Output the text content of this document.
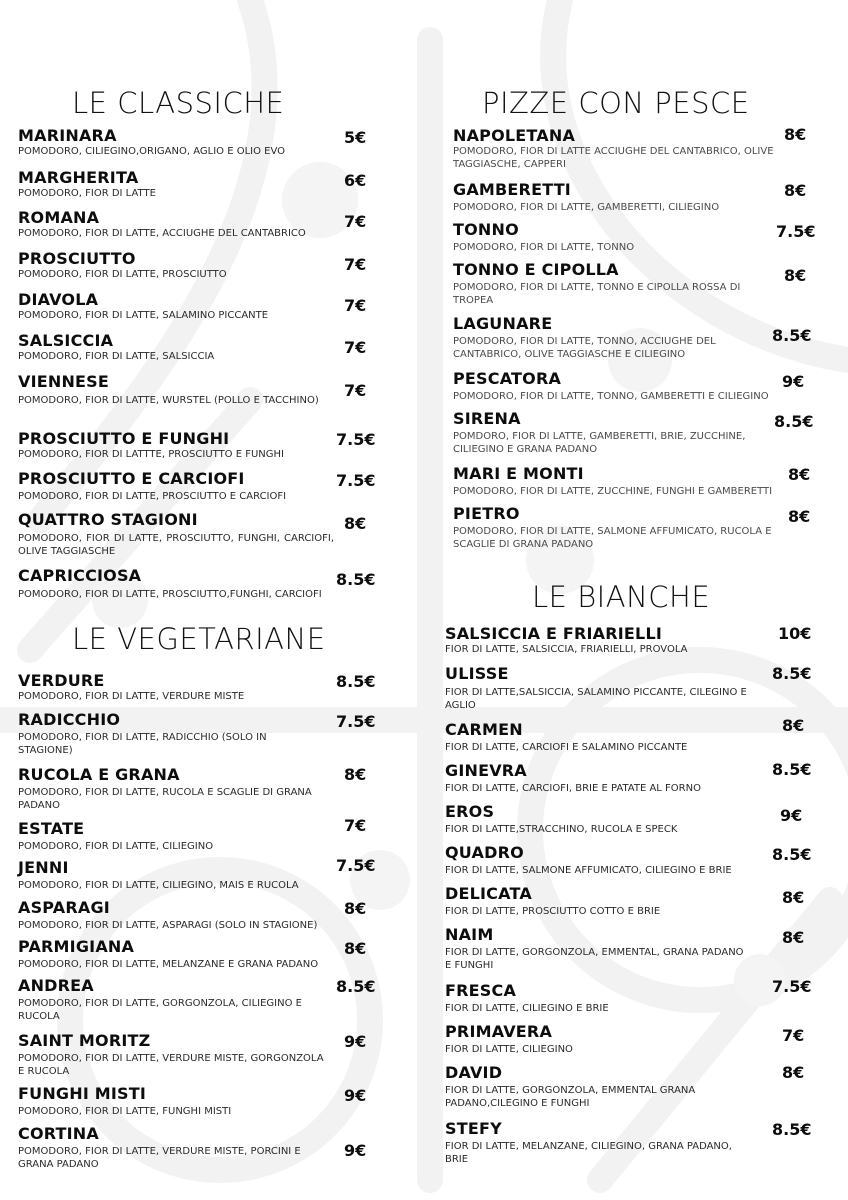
LE CLASSICHE
LE VEGETARIANE
PIZZE CON PESCE
LE BIANCHE
MARINARA
POMODORO, CILIEGINO,ORIGANO, AGLIO E OLIO EVO
5€
MARGHERITA
POMODORO, FIOR DI LATTE
6€
ROMANA
POMODORO, FIOR DI LATTE, ACCIUGHE DEL CANTABRICO
7€
PROSCIUTTO
POMODORO, FIOR DI LATTE, PROSCIUTTO
7€
DIAVOLA
POMODORO, FIOR DI LATTE, SALAMINO PICCANTE
7€
SALSICCIA
POMODORO, FIOR DI LATTE, SALSICCIA	7€
VIENNESE
POMODORO, FIOR DI LATTE, WURSTEL (POLLO E TACCHINO)
7€
PROSCIUTTO E FUNGHI
POMODORO, FIOR DI LATTTE, PROSCIUTTO E FUNGHI
7.5€
PROSCIUTTO E CARCIOFI
POMODORO, FIOR DI LATTE, PROSCIUTTO E CARCIOFI
7.5€
QUATTRO STAGIONI
POMODORO, FIOR DI LATTE, PROSCIUTTO, FUNGHI, CARCIOFI, OLIVE TAGGIASCHE
8€
CAPRICCIOSA
POMODORO, FIOR DI LATTE, PROSCIUTTO,FUNGHI, CARCIOFI
8.5€
VERDURE
POMODORO, FIOR DI LATTE, VERDURE MISTE
8.5€
RADICCHIO
POMODORO, FIOR DI LATTE, RADICCHIO (SOLO IN STAGIONE)
7.5€
RUCOLA E GRANA
POMODORO, FIOR DI LATTE, RUCOLA E SCAGLIE DI GRANA PADANO
8€
ESTATE
POMODORO, FIOR DI LATTE, CILIEGINO
7€
JENNI
POMODORO, FIOR DI LATTE, CILIEGINO, MAIS E RUCOLA
7.5€
ASPARAGI
POMODORO, FIOR DI LATTE, ASPARAGI (SOLO IN STAGIONE)
8€
PARMIGIANA
POMODORO, FIOR DI LATTE, MELANZANE E GRANA PADANO
8€
ANDREA
POMODORO, FIOR DI LATTE, GORGONZOLA, CILIEGINO E RUCOLA
8.5€
SAINT MORITZ
POMODORO, FIOR DI LATTE, VERDURE MISTE, GORGONZOLA E RUCOLA
9€
FUNGHI MISTI
POMODORO, FIOR DI LATTE, FUNGHI MISTI
9€
CORTINA
POMODORO, FIOR DI LATTE, VERDURE MISTE, PORCINI E GRANA PADANO
9€
NAPOLETANA
POMODORO, FIOR DI LATTE ACCIUGHE DEL CANTABRICO, OLIVE TAGGIASCHE, CAPPERI
8€
GAMBERETTI
POMODORO, FIOR DI LATTE, GAMBERETTI, CILIEGINO
8€
TONNO
POMODORO, FIOR DI LATTE, TONNO
7.5€
TONNO E CIPOLLA
POMODORO, FIOR DI LATTE, TONNO E CIPOLLA ROSSA DI TROPEA
8€
LAGUNARE
POMODORO, FIOR DI LATTE, TONNO, ACCIUGHE DEL CANTABRICO, OLIVE TAGGIASCHE E CILIEGINO
8.5€
PESCATORA
POMODORO, FIOR DI LATTE, TONNO, GAMBERETTI E CILIEGINO
9€
SIRENA
POMDORO, FIOR DI LATTE, GAMBERETTI, BRIE, ZUCCHINE, CILIEGINO E GRANA PADANO
8.5€
MARI E MONTI
POMODORO, FIOR DI LATTE, ZUCCHINE, FUNGHI E GAMBERETTI
8€
PIETRO
POMODORO, FIOR DI LATTE, SALMONE AFFUMICATO, RUCOLA E SCAGLIE DI GRANA PADANO
8€
SALSICCIA E FRIARIELLI
FIOR DI LATTE, SALSICCIA, FRIARIELLI, PROVOLA
10€
ULISSE
FIOR DI LATTE,SALSICCIA, SALAMINO PICCANTE, CILEGINO E AGLIO
8.5€
CARMEN
FIOR DI LATTE, CARCIOFI E SALAMINO PICCANTE
8€
GINEVRA
FIOR DI LATTE, CARCIOFI, BRIE E PATATE AL FORNO
8.5€
EROS
FIOR DI LATTE,STRACCHINO, RUCOLA E SPECK
9€
QUADRO
FIOR DI LATTE, SALMONE AFFUMICATO, CILIEGINO E BRIE
8.5€
DELICATA
FIOR DI LATTE, PROSCIUTTO COTTO E BRIE
8€
NAIM
FIOR DI LATTE, GORGONZOLA, EMMENTAL, GRANA PADANO E FUNGHI
8€
FRESCA
FIOR DI LATTE, CILIEGINO E BRIE
7.5€
PRIMAVERA
FIOR DI LATTE, CILIEGINO
7€
DAVID
FIOR DI LATTE, GORGONZOLA, EMMENTAL GRANA PADANO,CILEGINO E FUNGHI
8€
STEFY
FIOR DI LATTE, MELANZANE, CILIEGINO, GRANA PADANO, BRIE
8.5€
